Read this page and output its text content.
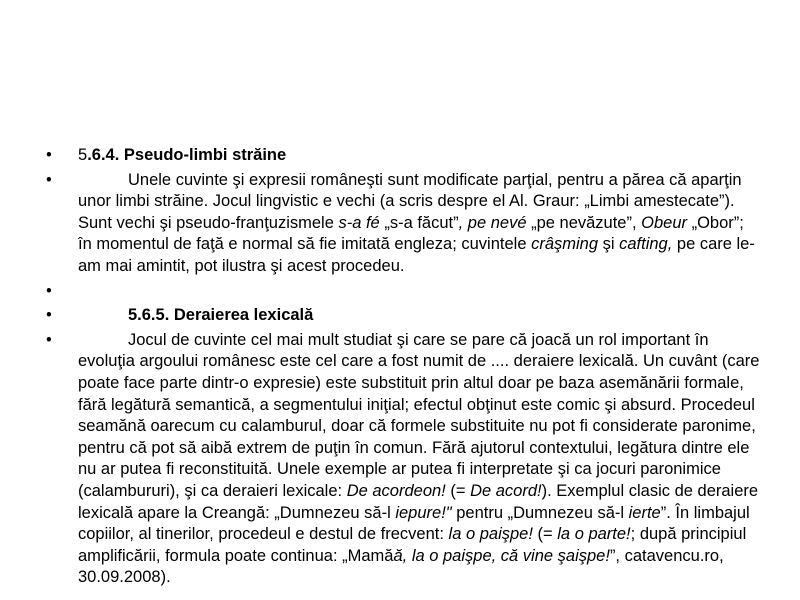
• 5.6.4. Pseudo-limbi străine
•	Unele cuvinte şi expresii româneşti sunt modificate parţial, pentru a părea că aparţin unor limbi străine. Jocul lingvistic e vechi (a scris despre el Al. Graur: „Limbi amestecate”). Sunt vechi şi pseudo-franţuzismele s-a fé „s-a făcut”, pe nevé „pe nevăzute”, Obeur „Obor”; în momentul de faţă e normal să fie imitată engleza; cuvintele crâşming şi cafting, pe care le-am mai amintit, pot ilustra şi acest procedeu.
•
•	5.6.5. Deraierea lexicală
•	Jocul de cuvinte cel mai mult studiat şi care se pare că joacă un rol important în evoluţia argoului românesc este cel care a fost numit de .... deraiere lexicală. Un cuvânt (care poate face parte dintr-o expresie) este substituit prin altul doar pe baza asemănării formale, fără legătură semantică, a segmentului iniţial; efectul obţinut este comic şi absurd. Procedeul seamănă oarecum cu calamburul, doar că formele substituite nu pot fi considerate paronime, pentru că pot să aibă extrem de puţin în comun. Fără ajutorul contextului, legătura dintre ele nu ar putea fi reconstituită. Unele exemple ar putea fi interpretate şi ca jocuri paronimice (calambururi), şi ca deraieri lexicale: De acordeon! (= De acord!). Exemplul clasic de deraiere lexicală apare la Creangă: „Dumnezeu să-l iepure!" pentru „Dumnezeu să-l ierte”. În limbajul copiilor, al tinerilor, procedeul e destul de frecvent: la o paişpe! (= la o parte!; după principiul amplificării, formula poate continua: „Mamăă, la o paişpe, că vine şaişpe!”, catavencu.ro, 30.09.2008).
